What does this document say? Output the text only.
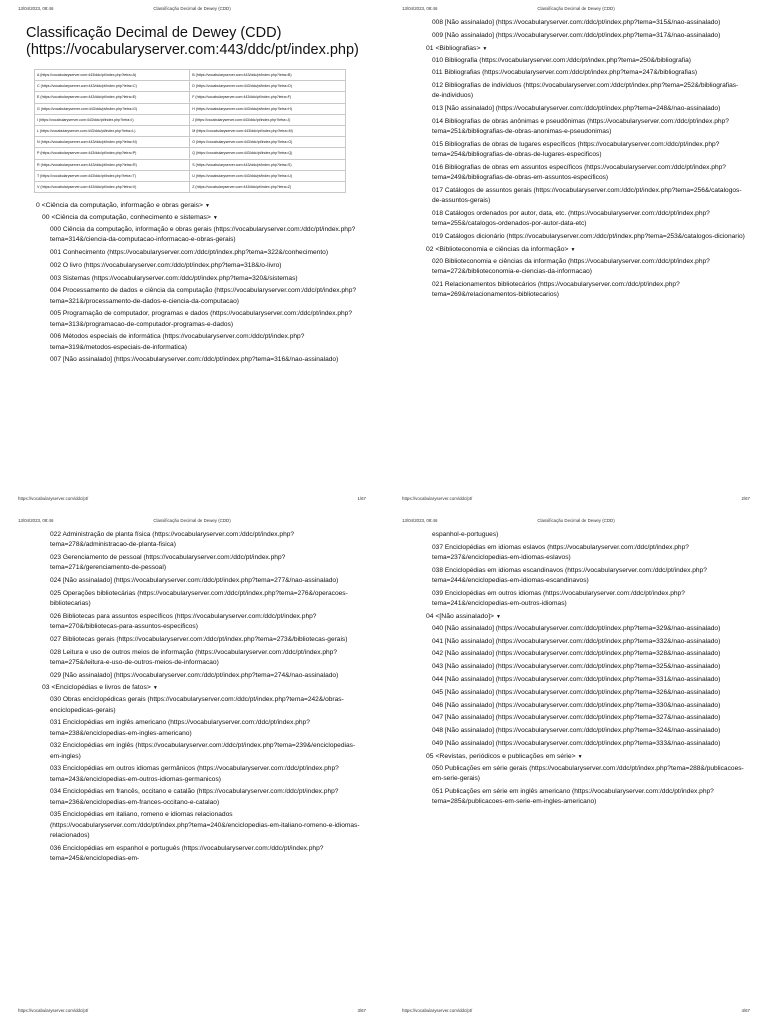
13/04/2023, 08:46	Classificação Decimal de Dewey (CDD)
Classificação Decimal de Dewey (CDD) (https://vocabularyserver.com:443/ddc/pt/index.php)
A (https://vocabularyserver.com:443/ddc/pt/index.php?letra=A)	B (https://vocabularyserver.com:443/ddc/pt/index.php?letra=B)
C (https://vocabularyserver.com:443/ddc/pt/index.php?letra=C)	D (https://vocabularyserver.com:443/ddc/pt/index.php?letra=D)
E (https://vocabularyserver.com:443/ddc/pt/index.php?letra=E)	F (https://vocabularyserver.com:443/ddc/pt/index.php?letra=F)
G (https://vocabularyserver.com:443/ddc/pt/index.php?letra=G)	H (https://vocabularyserver.com:443/ddc/pt/index.php?letra=H)
I (https://vocabularyserver.com:443/ddc/pt/index.php?letra=I)	J (https://vocabularyserver.com:443/ddc/pt/index.php?letra=J)
L (https://vocabularyserver.com:443/ddc/pt/index.php?letra=L)	M (https://vocabularyserver.com:443/ddc/pt/index.php?letra=M)
N (https://vocabularyserver.com:443/ddc/pt/index.php?letra=N)	O (https://vocabularyserver.com:443/ddc/pt/index.php?letra=O)
P (https://vocabularyserver.com:443/ddc/pt/index.php?letra=P)	Q (https://vocabularyserver.com:443/ddc/pt/index.php?letra=Q)
R (https://vocabularyserver.com:443/ddc/pt/index.php?letra=R)	S (https://vocabularyserver.com:443/ddc/pt/index.php?letra=S)
T (https://vocabularyserver.com:443/ddc/pt/index.php?letra=T)	U (https://vocabularyserver.com:443/ddc/pt/index.php?letra=U)
V (https://vocabularyserver.com:443/ddc/pt/index.php?letra=V)	Z (https://vocabularyserver.com:443/ddc/pt/index.php?letra=Z)
0 <Ciência da computação, informação e obras gerais> ▼
00 <Ciência da computação, conhecimento e sistemas> ▼
000 Ciência da computação, informação e obras gerais (https://vocabularyserver.com:/ddc/pt/index.php?tema=314&/ciencia-da-computacao-informacao-e-obras-gerais)
001 Conhecimento (https://vocabularyserver.com:/ddc/pt/index.php?tema=322&/conhecimento)
002 O livro (https://vocabularyserver.com:/ddc/pt/index.php?tema=318&/o-livro)
003 Sistemas (https://vocabularyserver.com:/ddc/pt/index.php?tema=320&/sistemas)
004 Processamento de dados e ciência da computação (https://vocabularyserver.com:/ddc/pt/index.php?tema=321&/processamento-de-dados-e-ciencia-da-computacao)
005 Programação de computador, programas e dados (https://vocabularyserver.com:/ddc/pt/index.php?tema=313&/programacao-de-computador-programas-e-dados)
006 Métodos especiais de informática (https://vocabularyserver.com:/ddc/pt/index.php?tema=319&/metodos-especiais-de-informatica)
007 [Não assinalado] (https://vocabularyserver.com:/ddc/pt/index.php?tema=316&/nao-assinalado)
https://vocabularyserver.com/ddc/pt/	1/67
13/04/2023, 08:46	Classificação Decimal de Dewey (CDD)
008 [Não assinalado] (https://vocabularyserver.com:/ddc/pt/index.php?tema=315&/nao-assinalado)
009 [Não assinalado] (https://vocabularyserver.com:/ddc/pt/index.php?tema=317&/nao-assinalado)
01 <Bibliografias> ▼
010 Bibliografia (https://vocabularyserver.com:/ddc/pt/index.php?tema=250&/bibliografia)
011 Bibliografias (https://vocabularyserver.com:/ddc/pt/index.php?tema=247&/bibliografias)
012 Bibliografias de indivíduos (https://vocabularyserver.com:/ddc/pt/index.php?tema=252&/bibliografias-de-individuos)
013 [Não assinalado] (https://vocabularyserver.com:/ddc/pt/index.php?tema=248&/nao-assinalado)
014 Bibliografias de obras anônimas e pseudônimas (https://vocabularyserver.com:/ddc/pt/index.php?tema=251&/bibliografias-de-obras-anonimas-e-pseudonimas)
015 Bibliografias de obras de lugares específicos (https://vocabularyserver.com:/ddc/pt/index.php?tema=254&/bibliografias-de-obras-de-lugares-especificos)
016 Bibliografias de obras em assuntos específicos (https://vocabularyserver.com:/ddc/pt/index.php?tema=249&/bibliografias-de-obras-em-assuntos-especificos)
017 Catálogos de assuntos gerais (https://vocabularyserver.com:/ddc/pt/index.php?tema=256&/catalogos-de-assuntos-gerais)
018 Catálogos ordenados por autor, data, etc. (https://vocabularyserver.com:/ddc/pt/index.php?tema=255&/catalogos-ordenados-por-autor-data-etc)
019 Catálogos dicionário (https://vocabularyserver.com:/ddc/pt/index.php?tema=253&/catalogos-dicionario)
02 <Biblioteconomia e ciências da informação> ▼
020 Biblioteconomia e ciências da informação (https://vocabularyserver.com:/ddc/pt/index.php?tema=272&/biblioteconomia-e-ciencias-da-informacao)
021 Relacionamentos bibliotecários (https://vocabularyserver.com:/ddc/pt/index.php?tema=269&/relacionamentos-bibliotecarios)
https://vocabularyserver.com/ddc/pt/	2/67
13/04/2023, 08:46	Classificação Decimal de Dewey (CDD)
022 Administração de planta física (https://vocabularyserver.com:/ddc/pt/index.php?tema=278&/administracao-de-planta-fisica)
023 Gerenciamento de pessoal (https://vocabularyserver.com:/ddc/pt/index.php?tema=271&/gerenciamento-de-pessoal)
024 [Não assinalado] (https://vocabularyserver.com:/ddc/pt/index.php?tema=277&/nao-assinalado)
025 Operações bibliotecárias (https://vocabularyserver.com:/ddc/pt/index.php?tema=276&/operacoes-bibliotecarias)
026 Bibliotecas para assuntos específicos (https://vocabularyserver.com:/ddc/pt/index.php?tema=270&/bibliotecas-para-assuntos-especificos)
027 Bibliotecas gerais (https://vocabularyserver.com:/ddc/pt/index.php?tema=273&/bibliotecas-gerais)
028 Leitura e uso de outros meios de informação (https://vocabularyserver.com:/ddc/pt/index.php?tema=275&/leitura-e-uso-de-outros-meios-de-informacao)
029 [Não assinalado] (https://vocabularyserver.com:/ddc/pt/index.php?tema=274&/nao-assinalado)
03 <Enciclopédias e livros de fatos> ▼
030 Obras enciclopédicas gerais (https://vocabularyserver.com:/ddc/pt/index.php?tema=242&/obras-enciclopedicas-gerais)
031 Enciclopédias em inglês americano (https://vocabularyserver.com:/ddc/pt/index.php?tema=238&/enciclopedias-em-ingles-americano)
032 Enciclopédias em inglês (https://vocabularyserver.com:/ddc/pt/index.php?tema=239&/enciclopedias-em-ingles)
033 Enciclopédias em outros idiomas germânicos (https://vocabularyserver.com:/ddc/pt/index.php?tema=243&/enciclopedias-em-outros-idiomas-germanicos)
034 Enciclopédias em francês, occitano e catalão (https://vocabularyserver.com:/ddc/pt/index.php?tema=236&/enciclopedias-em-frances-occitano-e-catalao)
035 Enciclopédias em italiano, romeno e idiomas relacionados (https://vocabularyserver.com:/ddc/pt/index.php?tema=240&/enciclopedias-em-italiano-romeno-e-idiomas-relacionados)
036 Enciclopédias em espanhol e português (https://vocabularyserver.com:/ddc/pt/index.php?tema=245&/enciclopedias-em-
https://vocabularyserver.com/ddc/pt/	3/67
13/04/2023, 08:46	Classificação Decimal de Dewey (CDD)
espanhol-e-portugues)
037 Enciclopédias em idiomas eslavos (https://vocabularyserver.com:/ddc/pt/index.php?tema=237&/enciclopedias-em-idiomas-eslavos)
038 Enciclopédias em idiomas escandinavos (https://vocabularyserver.com:/ddc/pt/index.php?tema=244&/enciclopedias-em-idiomas-escandinavos)
039 Enciclopédias em outros idiomas (https://vocabularyserver.com:/ddc/pt/index.php?tema=241&/enciclopedias-em-outros-idiomas)
04 <[Não assinalado]> ▼
040 [Não assinalado] (https://vocabularyserver.com:/ddc/pt/index.php?tema=329&/nao-assinalado)
041 [Não assinalado] (https://vocabularyserver.com:/ddc/pt/index.php?tema=332&/nao-assinalado)
042 [Não assinalado] (https://vocabularyserver.com:/ddc/pt/index.php?tema=328&/nao-assinalado)
043 [Não assinalado] (https://vocabularyserver.com:/ddc/pt/index.php?tema=325&/nao-assinalado)
044 [Não assinalado] (https://vocabularyserver.com:/ddc/pt/index.php?tema=331&/nao-assinalado)
045 [Não assinalado] (https://vocabularyserver.com:/ddc/pt/index.php?tema=326&/nao-assinalado)
046 [Não assinalado] (https://vocabularyserver.com:/ddc/pt/index.php?tema=330&/nao-assinalado)
047 [Não assinalado] (https://vocabularyserver.com:/ddc/pt/index.php?tema=327&/nao-assinalado)
048 [Não assinalado] (https://vocabularyserver.com:/ddc/pt/index.php?tema=324&/nao-assinalado)
049 [Não assinalado] (https://vocabularyserver.com:/ddc/pt/index.php?tema=333&/nao-assinalado)
05 <Revistas, periódicos e publicações em série> ▼
050 Publicações em série gerais (https://vocabularyserver.com:/ddc/pt/index.php?tema=288&/publicacoes-em-serie-gerais)
051 Publicações em série em inglês americano (https://vocabularyserver.com:/ddc/pt/index.php?tema=285&/publicacoes-em-serie-em-ingles-americano)
https://vocabularyserver.com/ddc/pt/	4/67
